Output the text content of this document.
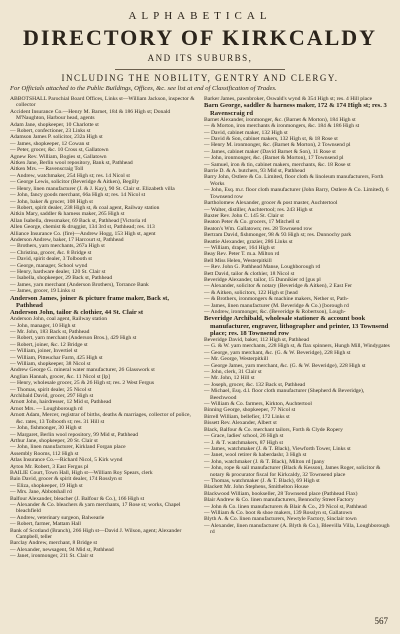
ALPHABETICAL
DIRECTORY OF KIRKCALDY
AND ITS SUBURBS,
INCLUDING THE NOBILITY, GENTRY AND CLERGY.
For Officials attached to the Public Buildings, Offices, &c. see list at end of Classification of Trades.

ABBOTSHALL Parochial Board Offices, Links st—William Jackson, inspector & collector

Accident Insurance Co.—Henry M. Barnet, 184 & 186 High st; Donald M'Naughton, Harbour head, agents

Adam Jane, shopkeeper, 10 Charlotte st

— Robert, confectioner, 23 Links st

Adamson James P. solicitor, 232a High st

— James, shopkeeper, 12 Cowan st

— Peter, grocer, &c. 10 Cross st, Gallatown

Agnew Rev. William, Bogies st, Gallatown

Aitken Jane, Berlin wool repository, Bank st, Pathhead

Aitken Mrs. — Ravenscraig Toll

— Andrew, watchmaker, 254 High st; res. 14 Nicol st

— George Lewis, solicitor (Beveridge & Aitken), Begilly

— Henry, linen manufacturer (J. & J. Kay), 90 St. Clair st. Elizabeth villa

— John, fancy goods merchant, 66a High st; res. 14 Nicol st

— John, baker & grocer, 108 High st

— Robert, spirit dealer, 238 High st, & coal agent, Railway station

Aitkin Mary, saddler & harness maker, 265 High st

Allan Isabella, dressmaker, 69 Back st, Pathhead [Victoria rd

Allen George, chemist & druggist, 134 3rd st, Pathhead; res. 113

Alliance Insurance Co. (fire)—Andrew Hogg, 153 High st, agent

Anderson Andrew, baker, 17 Harcourt st, Pathhead

— Brothers, yarn merchants, 267a High st

— Christina, grocer, &c. 8 Bridge st

— David, spirit dealer, 3 Tolbooth st

— George, manager, School wynd

— Henry, hardware dealer, 120 St. Clair st

— Isabella, shopkeeper, 29 Back st, Pathhead

— James, yarn merchant (Anderson Brothers), Torrance Bank

— James, grocer, 19 Links st

Anderson James, joiner & picture frame maker, Back st, Pathhead

Anderson John, tailor & clothier, 44 St. Clair st

Anderson John, coal agent, Railway station

— John, manager, 10 High st

— Mr. John, 183 Back st, Pathhead

— Robert, yarn merchant (Anderson Bros.), 429 High st

— Robert, joiner, &c. 12 Bridge st

— William, joiner, Invertiel st

— William, Pitteuchar Farm, 425 High st

— William, shopkeeper, 38 Nicol st

Andrew George G. mineral water manufacturer, 26 Glasswork st

Anglian Hannah, grocer, &c. 11 Nicol st [lp]

— Henry, wholesale grocer, 25 & 26 High st; res. 2 West Fergus

— Thomas, spirit dealer, 25 Nicol st

Archibald David, grocer, 297 High st

Arnott John, hairdresser, 12 Mid st, Pathhead

Arnot Mrs. — Loughborough rd

Arnott Adam, Mercer, registrar of births, deaths & marriages, collector of police, &c. rates, 13 Tolbooth st; res. 31 Hill st

— John, fishmonger, 30 High st

— Margaret, Berlin wool repository, 99 Mid st, Pathhead

Arthur Jane, shopkeeper, 20 St. Clair st

— John, linen manufacturer, Kirkland Forgan place

Assembly Rooms, 112 High st

Atlas Insurance Co.—Richard Nicol, 5 Kirk wynd

Ayton Mr. Robert, 3 East Fergus pl

BAILIE Court, Town Hall, High st—William Roy Spears, clerk

Bain David, grocer & spirit dealer, 174 Rosslyn st

— Eliza, shopkeeper, 19 High st

— Mrs. Jane, Abbotshall rd

Balfour Alexander, bleacher (J. Balfour & Co.), 166 High st

— Alexander & Co. bleachers & yarn merchants, 17 Rose st; works, Chapel bleachfield

— Andrew, veterinary surgeon, Balwearie

— Robert, farmer, Mattam Hall

Bank of Scotland (Branch), 266 High st—David J. Wilson, agent; Alexander Campbell, teller

Barclay Andrew, merchant, 8 Bridge st

— Alexander, newsagent, 94 Mid st, Pathhead

— Janet, ironmonger, 211 St. Clair st

Barker James, pawnbroker, Oswald's wynd & 354 High st; res. 4 Hill place

Barn George, saddler & harness maker, 172 & 174 High st; res. 3 Ravenscraig rd

Barnet Alexander, ironmonger, &c. (Barnet & Morton), 184 High st

— & Morton, iron merchants & ironmongers, &c. 184 & 186 High st

— David, cabinet maker, 132 High st

— David & Son, cabinet makers, 132 High st, & 18 Rose st

— Henry M. ironmonger, &c. (Barnet & Morton), 2 Townsend pl

— James, cabinet maker (David Barnet & Son), 11 Rose st

— John, ironmonger, &c. (Barnet & Morton), 17 Townsend pl

— Samuel, iron & tin, cabinet makers, merchants, &c. 18 Rose st

Barrie D. & A. butchers, 93 Mid st, Pathhead

Barry John, Ostlere & Co. Limited, floor cloth & linoleum manufacturers, Forth Works

— John, Esq. m.r. floor cloth manufacturer (John Barry, Ostlere & Co. Limited), 6 Townsend row

Bartholomew Alexander, grocer & post master, Auchtertool

— Walter, distiller, Auchtertool; res. 243 High st

Baxter Rev. John C. 145 St. Clair st

Beaton Peter & Co. grocers, 17 Mitchell st

Beaton's Wm. Gallatown; res. 28 Townsend row

Bertram David, fishmonger, 98 & 93 High st; res. Dunnochy park

Beattie Alexander, grazier, 286 Links st

— William, draper, 164 High st

Beay Rev. Peter T. m.a. Milton rd

Bell Miss Helen, Westerpitkill

— Rev. John G. Pathhead Manse, Loughborough rd

Bett David, tailor & clothier, 18 Nicol st

Beveridge Alexander, tailor, 15 Dunnikier rd [gus pl

— Alexander, solicitor & notary (Beveridge & Aitken), 2 East Fer

— & Aitken, solicitors, 122 High st [head

— & Brothers, ironmongers & machine makers, Nether st, Path-

— James, linen manufacturer (M. Beveridge & Co.) [borough rd

— Andrew, ironmonger, &c. (Beveridge & Robertson), Lough-

Beveridge Archibald, wholesale stationer & account book manufacturer, engraver, lithographer and printer, 13 Townsend place; res. 18 Townsend row

Beveridge David, baker, 112 High st, Pathhead

— G. & W. yarn merchants, 228 High st, & flax spinners, Hungh Mill, Windygates

— George, yarn merchant, &c. (G. & W. Beveridge), 228 High st

— Mr. George, Westerpitkill

— George James, yarn merchant, &c. (G. & W. Beveridge), 228 High st

— John, clerk, 31 Clair st

— Mr. John, 12 Hill st

— Joseph, grocer, &c. 132 Back st, Pathhead

— Michael, Esq. d.l. floor cloth manufacturer (Shepherd & Beveridge), Beechwood

— William & Co. farmers, Kirkton, Auchtertool

Binning George, shopkeeper, 77 Nicol st

Birrell William, bellefier, 172 Links st

Bissett Rev. Alexander, Albert st

Black, Balfour & Co. merchant tailors, Forth & Clyde Ropery

— Grace, ladies' school, 26 High st

— J. & T. watchmakers, 87 High st

— James, watchmaker (J. & T. Black), Viewforth Tower, Links st

— Janet, wool retirer & haberdashr, 3 High st

— John, watchmaker (J. & T. Black), Milton rd [pany

— John, rope & sail manufacturer (Black & Kesson), James Roger, solicitor & notary & procurator fiscal for Kirkcaldy, 32 Townsend place

— Thomas, watchmaker (J. & T. Black), 69 High st

Blackett Mr. John Stephens, Smithelton House

Blackwood William, bookseller, 28 Townsend place (Pathhead Flax)

Blair Andrew & Co. linen manufacturers, Bennochy Street Factory

— John & Co. linen manufacturers & Blair & Co., 29 Nicol st, Pathhead

— William & Co. boot & shoe makers, 139 Rosslyn st, Gallatown

Blyth A. & Co. linen manufacturers, Newtyle Factory, Sinclair town

— Alexander, linen manufacturer (A. Blyth & Co.), Bleevilla Villa, Loughborough rd

567
